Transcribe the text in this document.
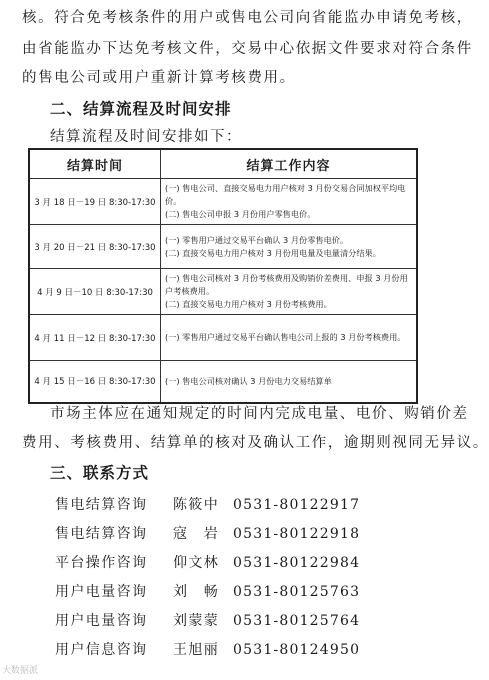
核。符合免考核条件的用户或售电公司向省能监办申请免考核，
由省能监办下达免考核文件，交易中心依据文件要求对符合条件
的售电公司或用户重新计算考核费用。
二、结算流程及时间安排
结算流程及时间安排如下：
结算时间	结算工作内容
3 月 18 日－19 日 8:30-17:30	(一) 售电公司、直接交易电力用户核对 3 月份交易合同加权平均电价。
(二) 售电公司申报 3 月份用户零售电价。

3 月 20 日－21 日 8:30-17:30	(一) 零售用户通过交易平台确认 3 月份零售电价。
(二) 直接交易电力用户核对 3 月份用电量及电量清分结果。

4 月 9 日－10 日 8:30-17:30	(一) 售电公司核对 3 月份考核费用及购销价差费用、申报 3 月份用户考核费用。
(二) 直接交易电力用户核对 3 月份考核费用。

4 月 11 日－12 日 8:30-17:30	(一) 零售用户通过交易平台确认售电公司上报的 3 月份考核费用。

4 月 15 日－16 日 8:30-17:30	(一) 售电公司核对确认 3 月份电力交易结算单
市场主体应在通知规定的时间内完成电量、电价、购销价差
费用、考核费用、结算单的核对及确认工作，逾期则视同无异议。
三、联系方式
售电结算咨询 陈筱中 0531-80122917
售电结算咨询 寇　岩 0531-80122918
平台操作咨询 仰文林 0531-80122984
用户电量咨询 刘　畅 0531-80125763
用户电量咨询 刘蒙蒙 0531-80125764
用户信息咨询 王旭丽 0531-80124950
大数据派
